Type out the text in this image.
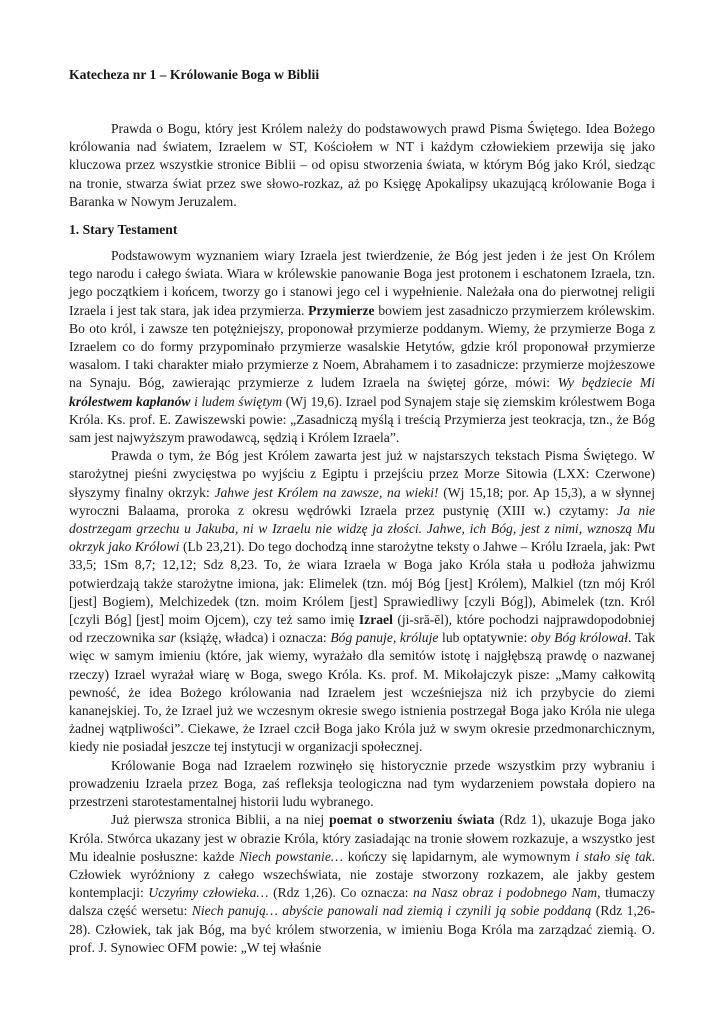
Katecheza nr 1 – Królowanie Boga w Biblii

Prawda o Bogu, który jest Królem należy do podstawowych prawd Pisma Świętego. Idea Bożego królowania nad światem, Izraelem w ST, Kościołem w NT i każdym człowiekiem przewija się jako kluczowa przez wszystkie stronice Biblii – od opisu stworzenia świata, w którym Bóg jako Król, siedząc na tronie, stwarza świat przez swe słowo-rozkaz, aż po Księgę Apokalipsy ukazującą królowanie Boga i Baranka w Nowym Jeruzalem.

1. Stary Testament

Podstawowym wyznaniem wiary Izraela jest twierdzenie, że Bóg jest jeden i że jest On Królem tego narodu i całego świata. Wiara w królewskie panowanie Boga jest protonem i eschatonem Izraela, tzn. jego początkiem i końcem, tworzy go i stanowi jego cel i wypełnienie. Należała ona do pierwotnej religii Izraela i jest tak stara, jak idea przymierza. Przymierze bowiem jest zasadniczo przymierzem królewskim. Bo oto król, i zawsze ten potężniejszy, proponował przymierze poddanym. Wiemy, że przymierze Boga z Izraelem co do formy przypominało przymierze wasalskie Hetytów, gdzie król proponował przymierze wasalom. I taki charakter miało przymierze z Noem, Abrahamem i to zasadnicze: przymierze mojżeszowe na Synaju. Bóg, zawierając przymierze z ludem Izraela na świętej górze, mówi: Wy będziecie Mi królestwem kapłanów i ludem świętym (Wj 19,6). Izrael pod Synajem staje się ziemskim królestwem Boga Króla. Ks. prof. E. Zawiszewski powie: „Zasadniczą myślą i treścią Przymierza jest teokracja, tzn., że Bóg sam jest najwyższym prawodawcą, sędzią i Królem Izraela”.

Prawda o tym, że Bóg jest Królem zawarta jest już w najstarszych tekstach Pisma Świętego. W starożytnej pieśni zwycięstwa po wyjściu z Egiptu i przejściu przez Morze Sitowia (LXX: Czerwone) słyszymy finalny okrzyk: Jahwe jest Królem na zawsze, na wieki! (Wj 15,18; por. Ap 15,3), a w słynnej wyroczni Balaama, proroka z okresu wędrówki Izraela przez pustynię (XIII w.) czytamy: Ja nie dostrzegam grzechu u Jakuba, ni w Izraelu nie widzę ja złości. Jahwe, ich Bóg, jest z nimi, wznoszą Mu okrzyk jako Królowi (Lb 23,21). Do tego dochodzą inne starożytne teksty o Jahwe – Królu Izraela, jak: Pwt 33,5; 1Sm 8,7; 12,12; Sdz 8,23. To, że wiara Izraela w Boga jako Króla stała u podłoża jahwizmu potwierdzają także starożytne imiona, jak: Elimelek (tzn. mój Bóg [jest] Królem), Malkiel (tzn mój Król [jest] Bogiem), Melchizedek (tzn. moim Królem [jest] Sprawiedliwy [czyli Bóg]), Abimelek (tzn. Król [czyli Bóg] [jest] moim Ojcem), czy też samo imię Izrael (ji-srā-ēl), które pochodzi najprawdopodobniej od rzeczownika sar (książę, władca) i oznacza: Bóg panuje, króluje lub optatywnie: oby Bóg królował. Tak więc w samym imieniu (które, jak wiemy, wyrażało dla semitów istotę i najgłębszą prawdę o nazwanej rzeczy) Izrael wyrażał wiarę w Boga, swego Króla. Ks. prof. M. Mikołajczyk pisze: „Mamy całkowitą pewność, że idea Bożego królowania nad Izraelem jest wcześniejsza niż ich przybycie do ziemi kananejskiej. To, że Izrael już we wczesnym okresie swego istnienia postrzegał Boga jako Króla nie ulega żadnej wątpliwości”. Ciekawe, że Izrael czcił Boga jako Króla już w swym okresie przedmonarchicznym, kiedy nie posiadał jeszcze tej instytucji w organizacji społecznej.

Królowanie Boga nad Izraelem rozwinęło się historycznie przede wszystkim przy wybraniu i prowadzeniu Izraela przez Boga, zaś refleksja teologiczna nad tym wydarzeniem powstała dopiero na przestrzeni starotestamentalnej historii ludu wybranego.

Już pierwsza stronica Biblii, a na niej poemat o stworzeniu świata (Rdz 1), ukazuje Boga jako Króla. Stwórca ukazany jest w obrazie Króla, który zasiadając na tronie słowem rozkazuje, a wszystko jest Mu idealnie posłuszne: każde Niech powstanie… kończy się lapidarnym, ale wymownym i stało się tak. Człowiek wyróżniony z całego wszechświata, nie zostaje stworzony rozkazem, ale jakby gestem kontemplacji: Uczyńmy człowieka… (Rdz 1,26). Co oznacza: na Nasz obraz i podobnego Nam, tłumaczy dalsza część wersetu: Niech panują… abyście panowali nad ziemią i czynili ją sobie poddaną (Rdz 1,26-28). Człowiek, tak jak Bóg, ma być królem stworzenia, w imieniu Boga Króla ma zarządzać ziemią. O. prof. J. Synowiec OFM powie: „W tej właśnie
